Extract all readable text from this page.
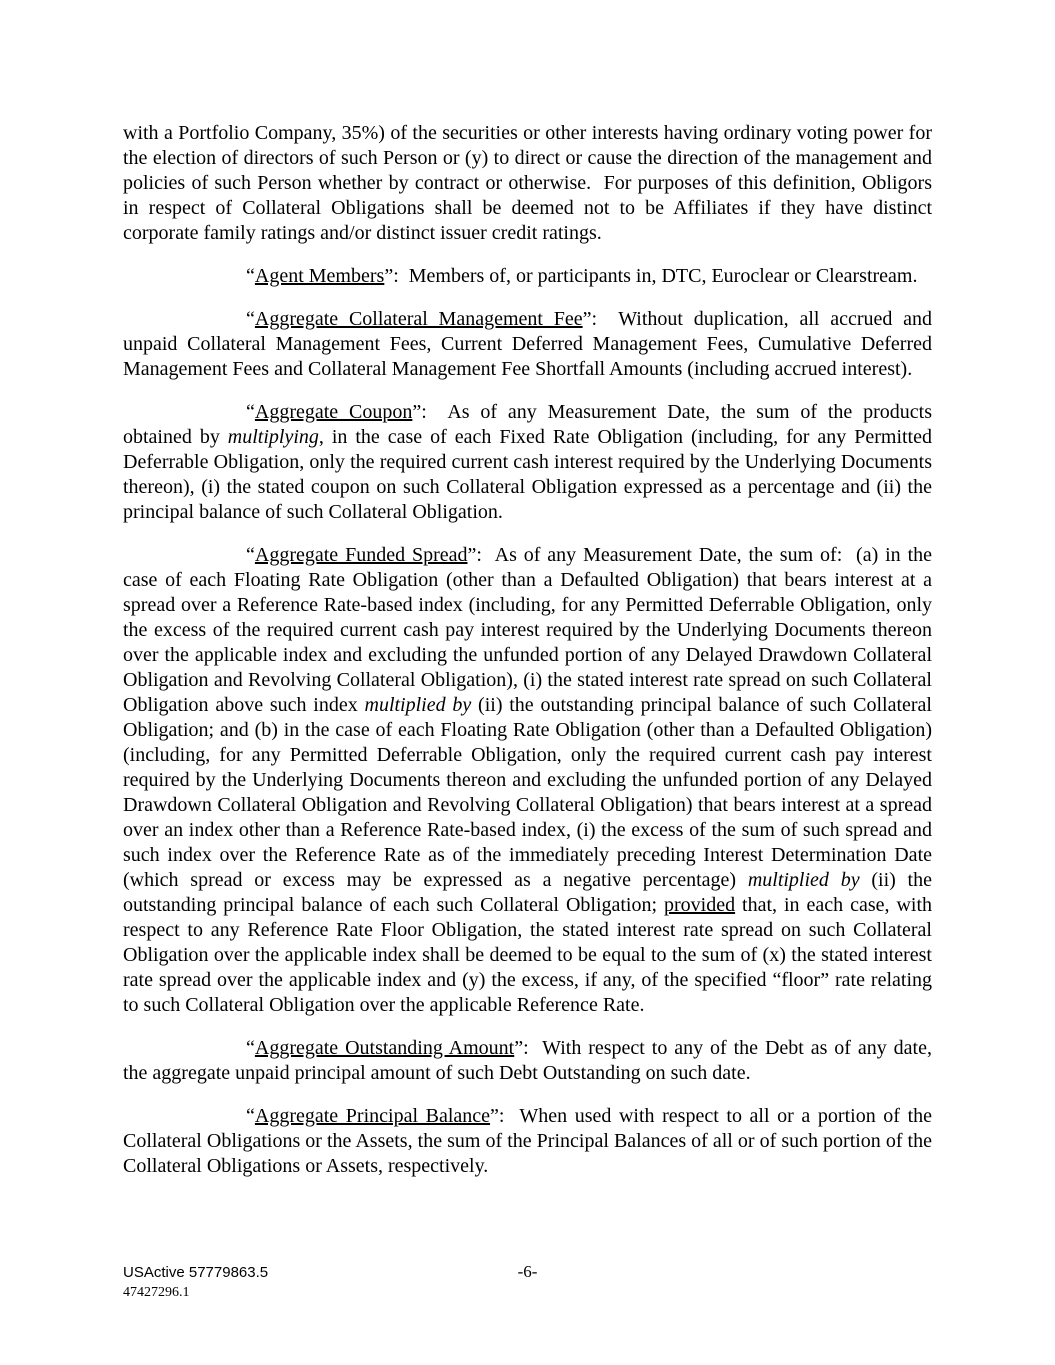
with a Portfolio Company, 35%) of the securities or other interests having ordinary voting power for the election of directors of such Person or (y) to direct or cause the direction of the management and policies of such Person whether by contract or otherwise.  For purposes of this definition, Obligors in respect of Collateral Obligations shall be deemed not to be Affiliates if they have distinct corporate family ratings and/or distinct issuer credit ratings.

“Agent Members”:  Members of, or participants in, DTC, Euroclear or Clearstream.

“Aggregate Collateral Management Fee”:  Without duplication, all accrued and unpaid Collateral Management Fees, Current Deferred Management Fees, Cumulative Deferred Management Fees and Collateral Management Fee Shortfall Amounts (including accrued interest).

“Aggregate Coupon”:  As of any Measurement Date, the sum of the products obtained by multiplying, in the case of each Fixed Rate Obligation (including, for any Permitted Deferrable Obligation, only the required current cash interest required by the Underlying Documents thereon), (i) the stated coupon on such Collateral Obligation expressed as a percentage and (ii) the principal balance of such Collateral Obligation.

“Aggregate Funded Spread”:  As of any Measurement Date, the sum of:  (a) in the case of each Floating Rate Obligation (other than a Defaulted Obligation) that bears interest at a spread over a Reference Rate-based index (including, for any Permitted Deferrable Obligation, only the excess of the required current cash pay interest required by the Underlying Documents thereon over the applicable index and excluding the unfunded portion of any Delayed Drawdown Collateral Obligation and Revolving Collateral Obligation), (i) the stated interest rate spread on such Collateral Obligation above such index multiplied by (ii) the outstanding principal balance of such Collateral Obligation; and (b) in the case of each Floating Rate Obligation (other than a Defaulted Obligation) (including, for any Permitted Deferrable Obligation, only the required current cash pay interest required by the Underlying Documents thereon and excluding the unfunded portion of any Delayed Drawdown Collateral Obligation and Revolving Collateral Obligation) that bears interest at a spread over an index other than a Reference Rate-based index, (i) the excess of the sum of such spread and such index over the Reference Rate as of the immediately preceding Interest Determination Date (which spread or excess may be expressed as a negative percentage) multiplied by (ii) the outstanding principal balance of each such Collateral Obligation; provided that, in each case, with respect to any Reference Rate Floor Obligation, the stated interest rate spread on such Collateral Obligation over the applicable index shall be deemed to be equal to the sum of (x) the stated interest rate spread over the applicable index and (y) the excess, if any, of the specified “floor” rate relating to such Collateral Obligation over the applicable Reference Rate.

“Aggregate Outstanding Amount”:  With respect to any of the Debt as of any date, the aggregate unpaid principal amount of such Debt Outstanding on such date.

“Aggregate Principal Balance”:  When used with respect to all or a portion of the Collateral Obligations or the Assets, the sum of the Principal Balances of all or of such portion of the Collateral Obligations or Assets, respectively.

USActive 57779863.5
47427296.1
-6-
